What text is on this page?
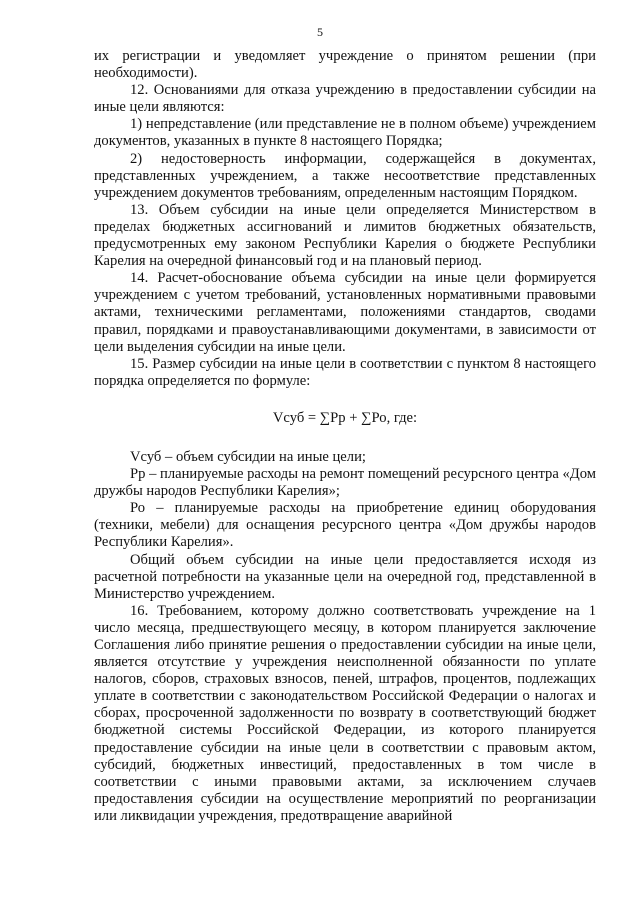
5

их регистрации и уведомляет учреждение о принятом решении (при необходимости).

12. Основаниями для отказа учреждению в предоставлении субсидии на иные цели являются:

1) непредставление (или представление не в полном объеме) учреждением документов, указанных в пункте 8 настоящего Порядка;

2) недостоверность информации, содержащейся в документах, представленных учреждением, а также несоответствие представленных учреждением документов требованиям, определенным настоящим Порядком.

13. Объем субсидии на иные цели определяется Министерством в пределах бюджетных ассигнований и лимитов бюджетных обязательств, предусмотренных ему законом Республики Карелия о бюджете Республики Карелия на очередной финансовый год и на плановый период.

14. Расчет-обоснование объема субсидии на иные цели формируется учреждением с учетом требований, установленных нормативными правовыми актами, техническими регламентами, положениями стандартов, сводами правил, порядками и правоустанавливающими документами, в зависимости от цели выделения субсидии на иные цели.

15. Размер субсидии на иные цели в соответствии с пунктом 8 настоящего порядка определяется по формуле:

Vсуб = ∑Рр + ∑Ро, где:

Vсуб – объем субсидии на иные цели;

Рр – планируемые расходы на ремонт помещений ресурсного центра «Дом дружбы народов Республики Карелия»;

Ро – планируемые расходы на приобретение единиц оборудования (техники, мебели) для оснащения ресурсного центра «Дом дружбы народов Республики Карелия».

Общий объем субсидии на иные цели предоставляется исходя из расчетной потребности на указанные цели на очередной год, представленной в Министерство учреждением.

16. Требованием, которому должно соответствовать учреждение на 1 число месяца, предшествующего месяцу, в котором планируется заключение Соглашения либо принятие решения о предоставлении субсидии на иные цели, является отсутствие у учреждения неисполненной обязанности по уплате налогов, сборов, страховых взносов, пеней, штрафов, процентов, подлежащих уплате в соответствии с законодательством Российской Федерации о налогах и сборах, просроченной задолженности по возврату в соответствующий бюджет бюджетной системы Российской Федерации, из которого планируется предоставление субсидии на иные цели в соответствии с правовым актом, субсидий, бюджетных инвестиций, предоставленных в том числе в соответствии с иными правовыми актами, за исключением случаев предоставления субсидии на осуществление мероприятий по реорганизации или ликвидации учреждения, предотвращение аварийной
